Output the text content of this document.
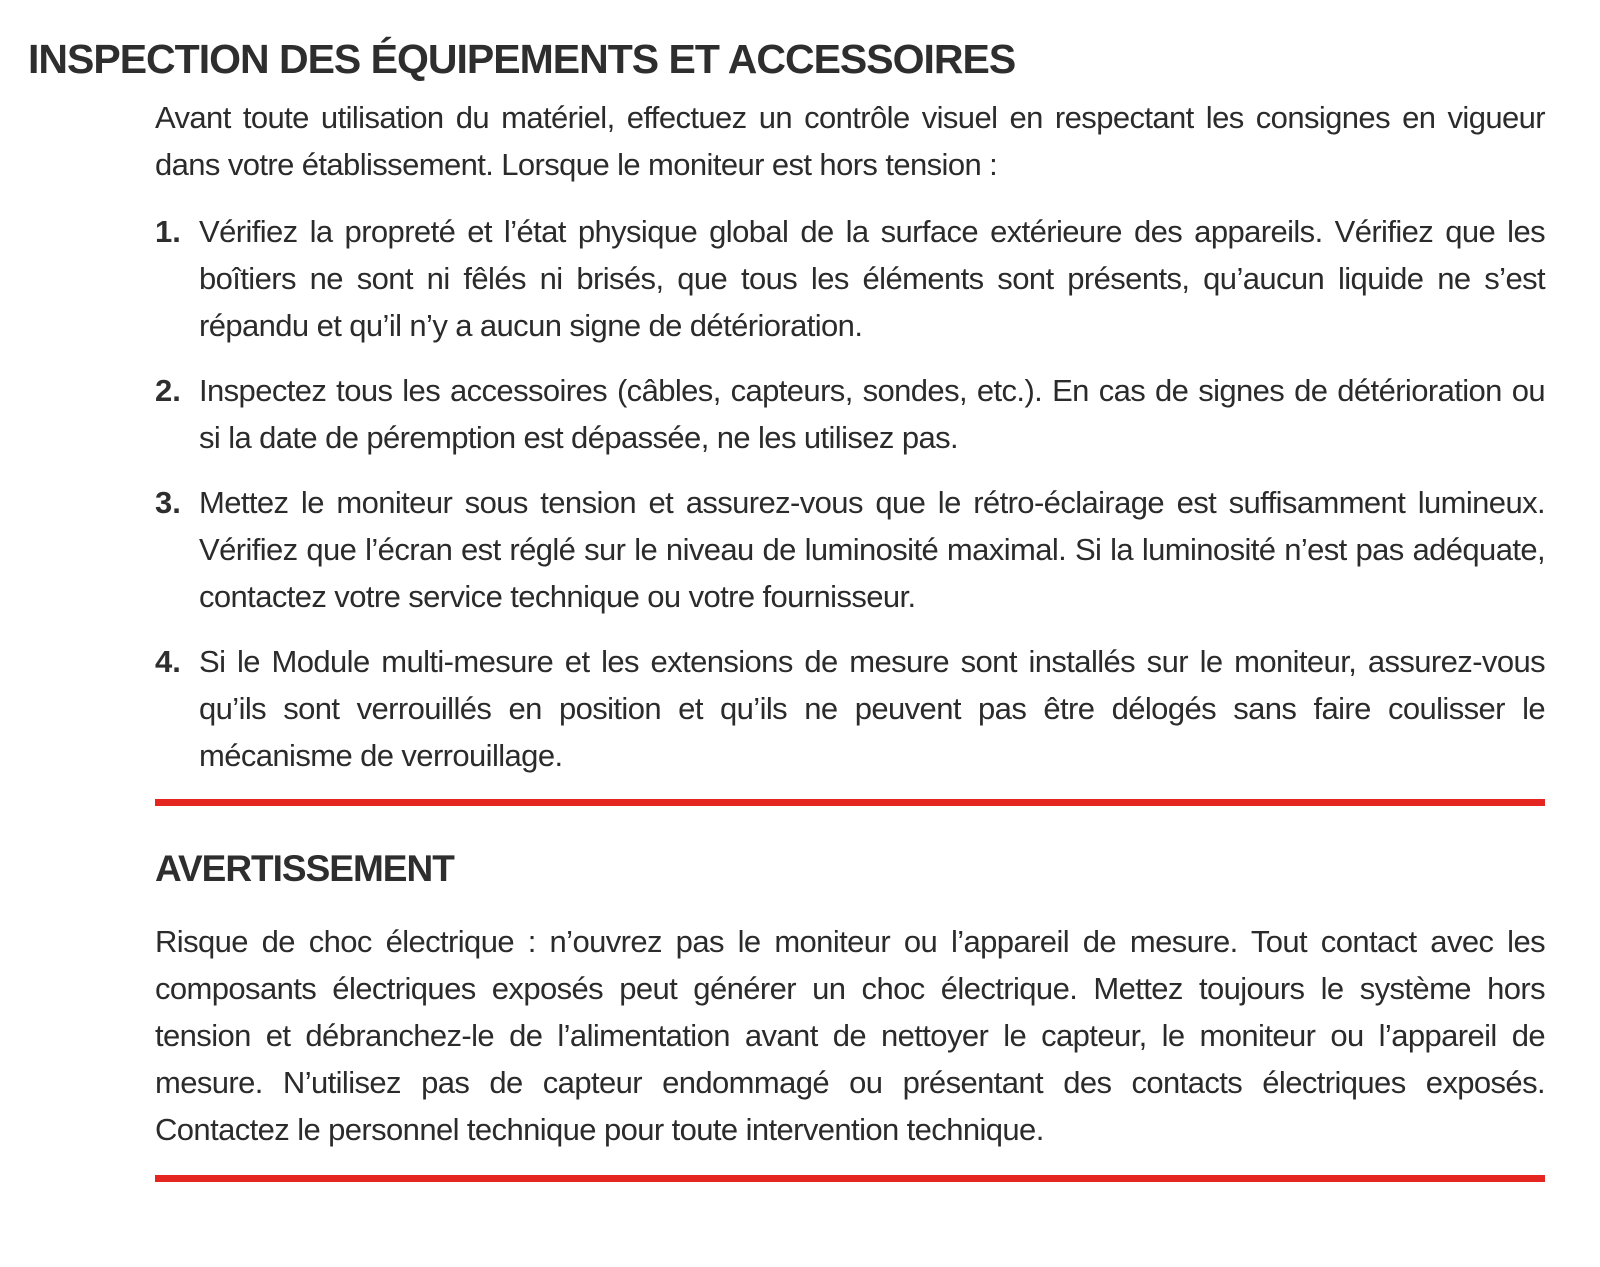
INSPECTION DES ÉQUIPEMENTS ET ACCESSOIRES

Avant toute utilisation du matériel, effectuez un contrôle visuel en respectant les consignes en vigueur dans votre établissement. Lorsque le moniteur est hors tension :

1. Vérifiez la propreté et l’état physique global de la surface extérieure des appareils. Vérifiez que les boîtiers ne sont ni fêlés ni brisés, que tous les éléments sont présents, qu’aucun liquide ne s’est répandu et qu’il n’y a aucun signe de détérioration.
2. Inspectez tous les accessoires (câbles, capteurs, sondes, etc.). En cas de signes de détérioration ou si la date de péremption est dépassée, ne les utilisez pas.
3. Mettez le moniteur sous tension et assurez-vous que le rétro-éclairage est suffisamment lumineux. Vérifiez que l’écran est réglé sur le niveau de luminosité maximal. Si la luminosité n’est pas adéquate, contactez votre service technique ou votre fournisseur.
4. Si le Module multi-mesure et les extensions de mesure sont installés sur le moniteur, assurez-vous qu’ils sont verrouillés en position et qu’ils ne peuvent pas être délogés sans faire coulisser le mécanisme de verrouillage.
AVERTISSEMENT

Risque de choc électrique : n’ouvrez pas le moniteur ou l’appareil de mesure. Tout contact avec les composants électriques exposés peut générer un choc électrique. Mettez toujours le système hors tension et débranchez-le de l’alimentation avant de nettoyer le capteur, le moniteur ou l’appareil de mesure. N’utilisez pas de capteur endommagé ou présentant des contacts électriques exposés. Contactez le personnel technique pour toute intervention technique.
